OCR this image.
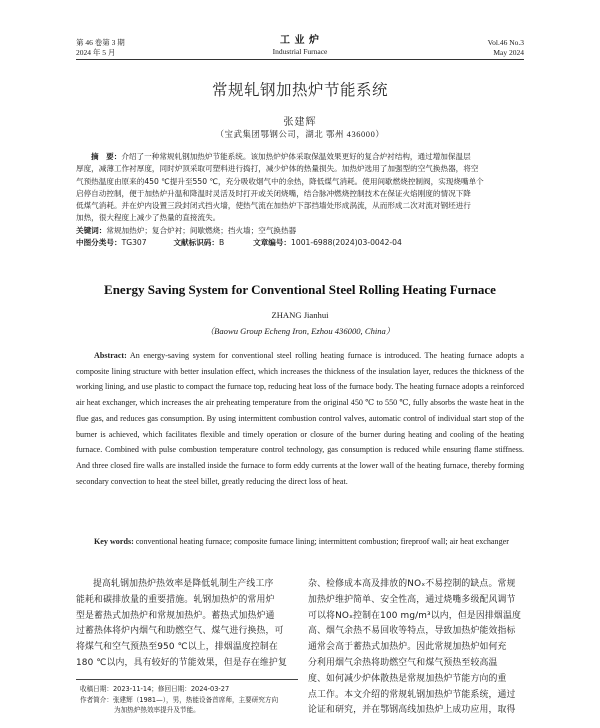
第 46 卷第 3 期
2024 年 5 月
工 业 炉
Industrial Furnace
Vol.46 No.3
May 2024
常规轧钢加热炉节能系统
张建辉
（宝武集团鄂钢公司，湖北 鄂州 436000）
摘　要：介绍了一种常规轧钢加热炉节能系统。该加热炉炉体采取保温效果更好的复合炉衬结构，通过增加保温层
厚度，减薄工作衬厚度，同时炉顶采取可塑料进行捣打，减少炉体的热量损失。加热炉选用了加强型的空气换热器，将空
气预热温度由原来的450 ℃提升至550 ℃，充分吸收烟气中的余热，降低煤气消耗。使用间歇燃烧控制阀，实现烧嘴单个
启停自动控制，便于加热炉升温和降温时灵活及时打开或关闭烧嘴，结合脉冲燃烧控制技术在保证火焰刚度的情况下降
低煤气消耗。并在炉内设置三段封闭式挡火墙，使热气流在加热炉下部挡墙处形成涡流，从而形成二次对流对钢坯进行
加热，很大程度上减少了热量的直接流失。
关键词：常规加热炉；复合炉衬；间歇燃烧；挡火墙；空气换热器
中图分类号：TG307	文献标识码：B	文章编号：1001-6988(2024)03-0042-04
Energy Saving System for Conventional Steel Rolling Heating Furnace
ZHANG Jianhui
（Baowu Group Echeng Iron, Ezhou 436000, China）
Abstract: An energy-saving system for conventional steel rolling heating furnace is introduced. The heating furnace adopts a composite lining structure with better insulation effect, which increases the thickness of the insulation layer, reduces the thickness of the working lining, and use plastic to compact the furnace top, reducing heat loss of the furnace body. The heating furnace adopts a reinforced air heat exchanger, which increases the air preheating temperature from the original 450 ℃ to 550 ℃, fully absorbs the waste heat in the flue gas, and reduces gas consumption. By using intermittent combustion control valves, automatic control of individual start stop of the burner is achieved, which facilitates flexible and timely operation or closure of the burner during heating and cooling of the heating furnace. Combined with pulse combustion temperature control technology, gas consumption is reduced while ensuring flame stiffness. And three closed fire walls are installed inside the furnace to form eddy currents at the lower wall of the heating furnace, thereby forming secondary convection to heat the steel billet, greatly reducing the direct loss of heat.
Key words: conventional heating furnace; composite furnace lining; intermittent combustion; fireproof wall; air heat exchanger
提高轧钢加热炉热效率是降低轧制生产线工序
能耗和碳排放量的重要措施。轧钢加热炉的常用炉
型是蓄热式加热炉和常规加热炉。蓄热式加热炉通
过蓄热体将炉内烟气和助燃空气、煤气进行换热，可
将煤气和空气预热至950 ℃以上，排烟温度控制在
180 ℃以内，具有较好的节能效果，但是存在维护复
收稿日期：2023-11-14；修回日期：2024-03-27
作者简介：张建辉（1981—），男，热能设备首席师，主要研究方向
为加热炉热效率提升及节能。
杂、检修成本高及排放的NOₓ不易控制的缺点。常规
加热炉维护简单、安全性高，通过烧嘴多级配风调节
可以将NOₓ控制在100 mg/m³以内，但是因排烟温度
高、烟气余热不易回收等特点，导致加热炉能效指标
通常会高于蓄热式加热炉。因此常规加热炉如何充
分利用烟气余热将助燃空气和煤气预热至较高温
度、如何减少炉体散热是常规加热炉节能方向的重
点工作。本文介绍的常规轧钢加热炉节能系统，通过
论证和研究，并在鄂钢高线加热炉上成功应用，取得
